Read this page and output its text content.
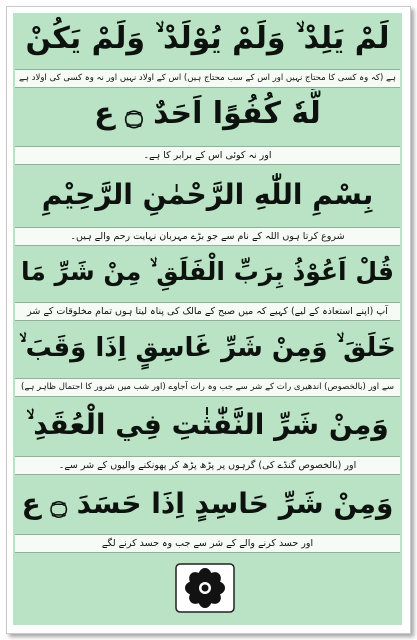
لَمْ يَلِدْ ۙ وَلَمْ يُوْلَدْ ۙ‎ وَلَمْ يَكُنْ
ہے (کہ وہ کسی کا محتاج نہیں اور اس کے سب محتاج ہیں) اس کے اولاد نہیں اور نہ وہ کسی کی اولاد ہے
لَّهٗ كُفُوًا اَحَدٌ ۝ ع
اور نہ کوئی اس کے برابر کا ہے۔
بِسْمِ اللّٰهِ الرَّحْمٰنِ الرَّحِيْمِ
شروع کرتا ہوں اللہ کے نام سے جو بڑے مہربان نہایت رحم والے ہیں۔
قُلْ اَعُوْذُ بِرَبِّ الْفَلَقِ ۙ مِنْ شَرِّ مَا
آپ (اپنے استعاذہ کے لیے) کہیے کہ میں صبح کے مالک کی پناہ لیتا ہوں تمام مخلوقات کے شر
خَلَقَ ۙ وَمِنْ شَرِّ غَاسِقٍ اِذَا وَقَبَ ۙ
سے اور (بالخصوص) اندھیری رات کے شر سے جب وہ رات آجاوے (اور شب میں شرور کا احتمال ظاہر ہے)
وَمِنْ شَرِّ النَّفّٰثٰتِ فِي الْعُقَدِ ۙ
اور (بالخصوص گنڈے کی) گرہوں پر پڑھ پڑھ کر پھونکنے والیوں کے شر سے۔
وَمِنْ شَرِّ حَاسِدٍ اِذَا حَسَدَ ۝ ع
اور حسد کرنے والے کے شر سے جب وہ حسد کرنے لگے
